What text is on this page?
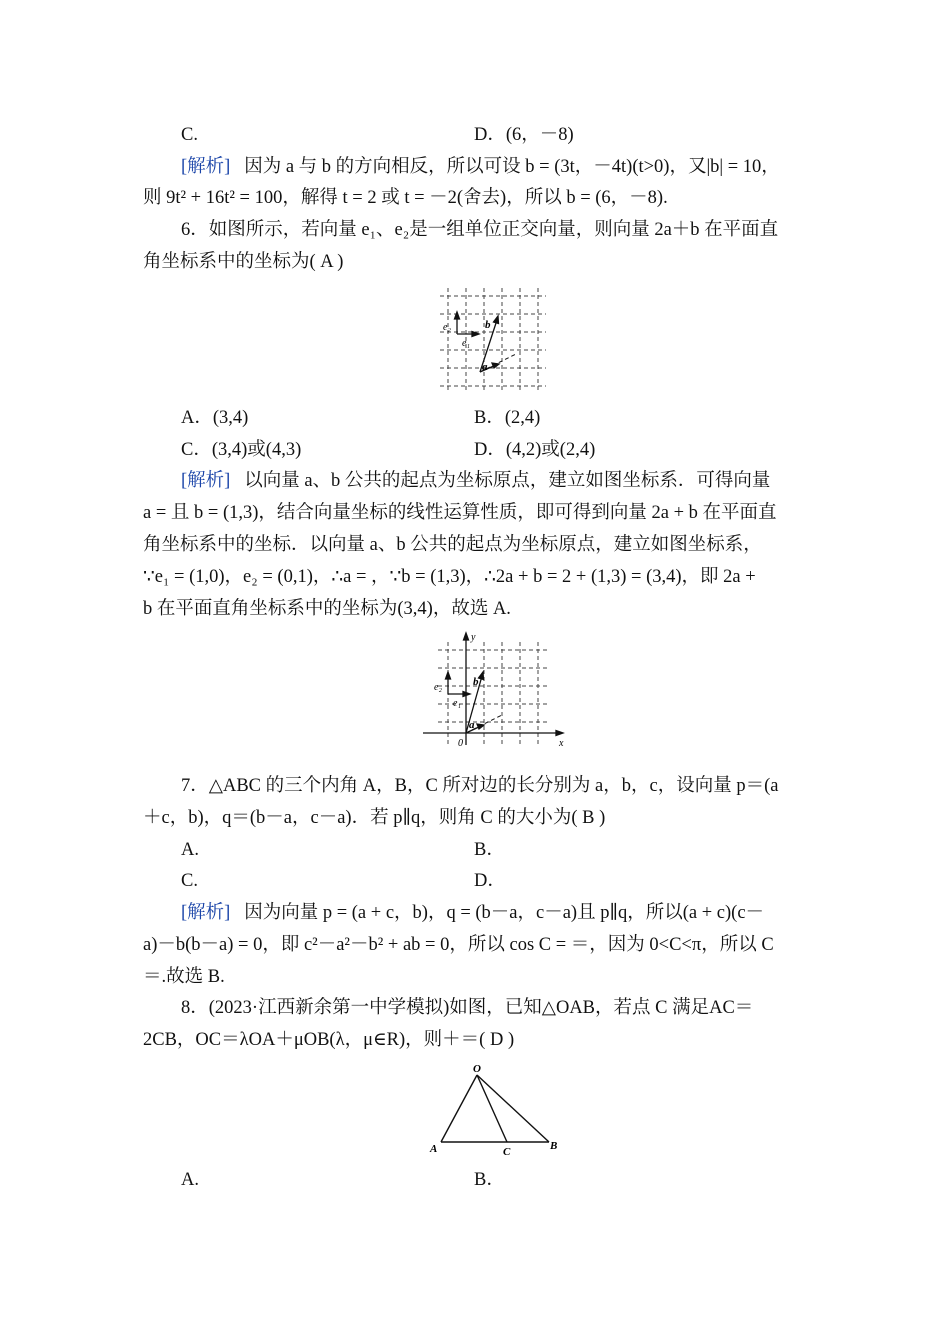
C.	D．(6，－8)
[解析] 因为 a 与 b 的方向相反，所以可设 b = (3t，－4t)(t>0)，又|b| = 10，
则 9t² + 16t² = 100，解得 t = 2 或 t = －2(舍去)，所以 b = (6，－8).
6．如图所示，若向量 e₁、e₂是一组单位正交向量，则向量 2a＋b 在平面直
角坐标系中的坐标为( A )
e₂
e₁
b
a
A．(3,4)	B．(2,4)
C．(3,4)或(4,3)	D．(4,2)或(2,4)
[解析] 以向量 a、b 公共的起点为坐标原点，建立如图坐标系．可得向量
a = 且 b = (1,3)，结合向量坐标的线性运算性质，即可得到向量 2a + b 在平面直
角坐标系中的坐标．以向量 a、b 公共的起点为坐标原点，建立如图坐标系，
∵e₁ = (1,0)，e₂ = (0,1)，∴a = ，∵b = (1,3)，∴2a + b = 2 + (1,3) = (3,4)，即 2a +
b 在平面直角坐标系中的坐标为(3,4)，故选 A.
y
x
0
e₂
e₁
b
a
7．△ABC 的三个内角 A，B，C 所对边的长分别为 a，b，c，设向量 p＝(a
＋c，b)，q＝(b－a，c－a)．若 p∥q，则角 C 的大小为( B )
A.	B．
C.	D．
[解析] 因为向量 p = (a + c，b)，q = (b－a，c－a)且 p∥q，所以(a + c)(c－
a)－b(b－a) = 0，即 c²－a²－b² + ab = 0，所以 cos C = ＝，因为 0<C<π，所以 C
＝.故选 B.
8．(2023·江西新余第一中学模拟)如图，已知△OAB，若点 C 满足AC＝
2CB，OC＝λOA＋μOB(λ，μ∈R)，则＋＝( D )
O
A	C	B
A.	B．
